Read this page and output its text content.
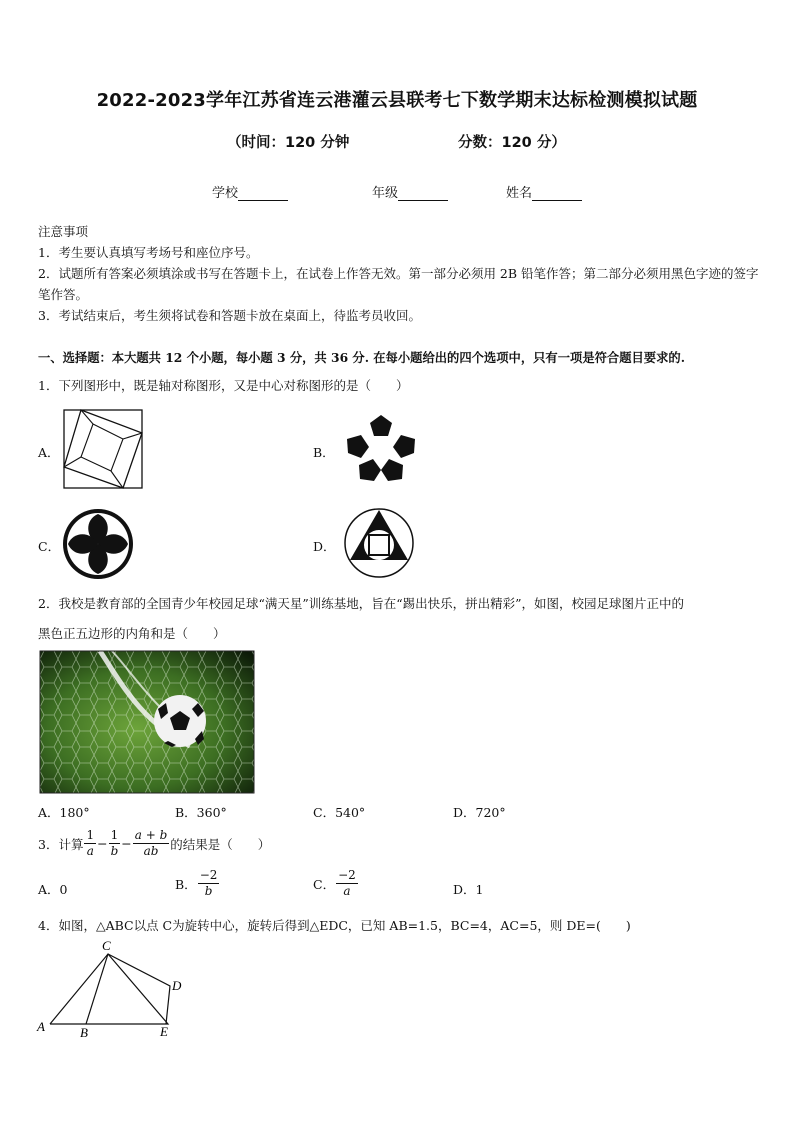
2022-2023学年江苏省连云港灌云县联考七下数学期末达标检测模拟试题
（时间：120 分钟	分数：120 分）
学校	年级	姓名
注意事项
1．考生要认真填写考场号和座位序号。
2．试题所有答案必须填涂或书写在答题卡上，在试卷上作答无效。第一部分必须用 2B 铅笔作答；第二部分必须用黑色字迹的签字笔作答。
3．考试结束后，考生须将试卷和答题卡放在桌面上，待监考员收回。
一、选择题：本大题共 12 个小题，每小题 3 分，共 36 分. 在每小题给出的四个选项中，只有一项是符合题目要求的.
1．下列图形中，既是轴对称图形，又是中心对称图形的是（　　）
A．	B．
C．	D．
2．我校是教育部的全国青少年校园足球“满天星”训练基地，旨在“踢出快乐，拼出精彩”，如图，校园足球图片正中的
黑色正五边形的内角和是（　　）
A．180°	B．360°	C．540°	D．720°
3．计算 $\frac{1}{a} - \frac{1}{b} - \frac{a + b}{ab}$ 的结果是（　　）
A．0	B． $\frac{-2}{b}$	C． $\frac{-2}{a}$	D．1
4．如图，△ABC以点 C为旋转中心，旋转后得到△EDC，已知 AB=1.5，BC=4，AC=5，则 DE=(　　)
C
D
A	B	E
